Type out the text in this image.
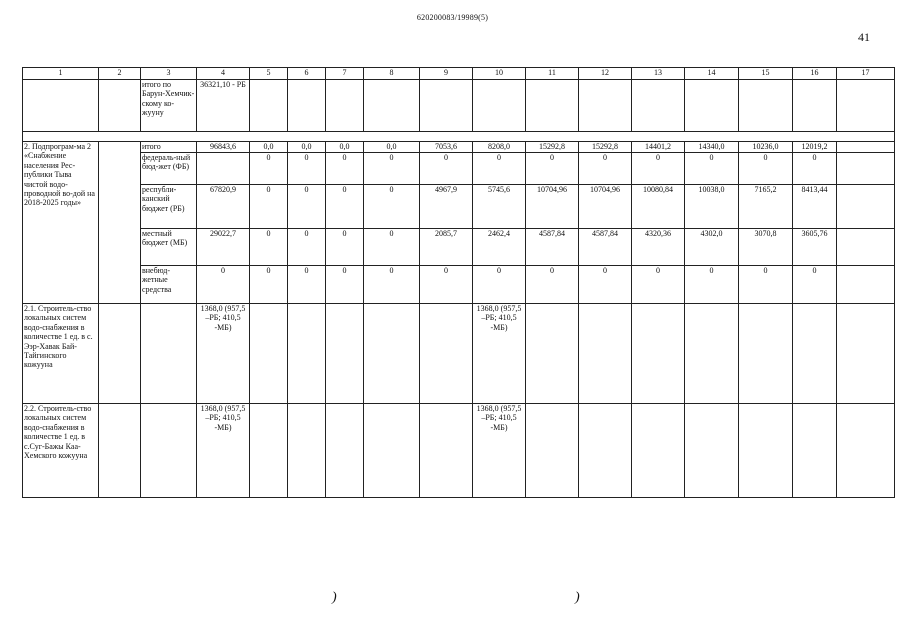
620200083/19989(5)
41
1	2	3	4	5	6	7	8	9	10	11	12	13	14	15	16	17
		итого по Барун-Хемчик-скому ко-жууну	36321,10 - РБ													

2. Подпрограм-ма 2 «Снабжение населения Рес-публики Тыва чистой водо-проводной во-дой на 2018-2025 годы»		итого	96843,6	0,0	0,0	0,0	0,0	7053,6	8208,0	15292,8	15292,8	14401,2	14340,0	10236,0	12019,2	
		федераль-ный бюд-жет (ФБ)		0	0	0	0	0	0	0	0	0	0	0	0	
		республи-канский бюджет (РБ)	67820,9	0	0	0	0	4967,9	5745,6	10704,96	10704,96	10080,84	10038,0	7165,2	8413,44	
		местный бюджет (МБ)	29022,7	0	0	0	0	2085,7	2462,4	4587,84	4587,84	4320,36	4302,0	3070,8	3605,76	
		внебюд-жетные средства	0	0	0	0	0	0	0	0	0	0	0	0	0	
2.1. Строитель-ство локальных систем водо-снабжения в количестве 1 ед. в с. Ээр-Хавак Бай-Тайгинского кожууна			1368,0 (957,5 –РБ; 410,5 -МБ)						1368,0 (957,5 –РБ; 410,5 -МБ)							
2.2. Строитель-ство локальных систем водо-снабжения в количестве 1 ед. в с.Суг-Бажы Каа-Хемского кожууна			1368,0 (957,5 –РБ; 410,5 -МБ)						1368,0 (957,5 –РБ; 410,5 -МБ)							
)	)
